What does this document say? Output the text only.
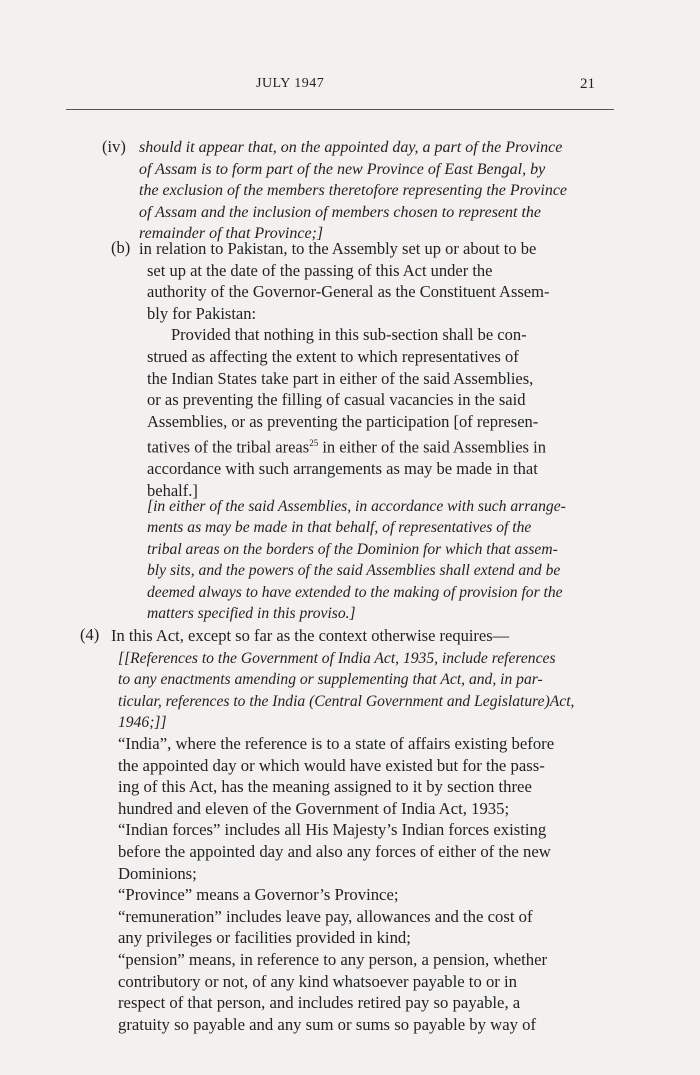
JULY 1947	21
(iv) should it appear that, on the appointed day, a part of the Province
of Assam is to form part of the new Province of East Bengal, by
the exclusion of the members theretofore representing the Province
of Assam and the inclusion of members chosen to represent the
remainder of that Province;]
(b) in relation to Pakistan, to the Assembly set up or about to be
set up at the date of the passing of this Act under the
authority of the Governor-General as the Constituent Assem-
bly for Pakistan:
Provided that nothing in this sub-section shall be con-
strued as affecting the extent to which representatives of
the Indian States take part in either of the said Assemblies,
or as preventing the filling of casual vacancies in the said
Assemblies, or as preventing the participation [of represen-
tatives of the tribal areas$^{25}$ in either of the said Assemblies in
accordance with such arrangements as may be made in that
behalf.]
[in either of the said Assemblies, in accordance with such arrange-
ments as may be made in that behalf, of representatives of the
tribal areas on the borders of the Dominion for which that assem-
bly sits, and the powers of the said Assemblies shall extend and be
deemed always to have extended to the making of provision for the
matters specified in this proviso.]
(4) In this Act, except so far as the context otherwise requires—
[[References to the Government of India Act, 1935, include references
to any enactments amending or supplementing that Act, and, in par-
ticular, references to the India (Central Government and Legislature)Act,
1946;]]
“India”, where the reference is to a state of affairs existing before
the appointed day or which would have existed but for the pass-
ing of this Act, has the meaning assigned to it by section three
hundred and eleven of the Government of India Act, 1935;
“Indian forces” includes all His Majesty’s Indian forces existing
before the appointed day and also any forces of either of the new
Dominions;
“Province” means a Governor’s Province;
“remuneration” includes leave pay, allowances and the cost of
any privileges or facilities provided in kind;
“pension” means, in reference to any person, a pension, whether
contributory or not, of any kind whatsoever payable to or in
respect of that person, and includes retired pay so payable, a
gratuity so payable and any sum or sums so payable by way of
